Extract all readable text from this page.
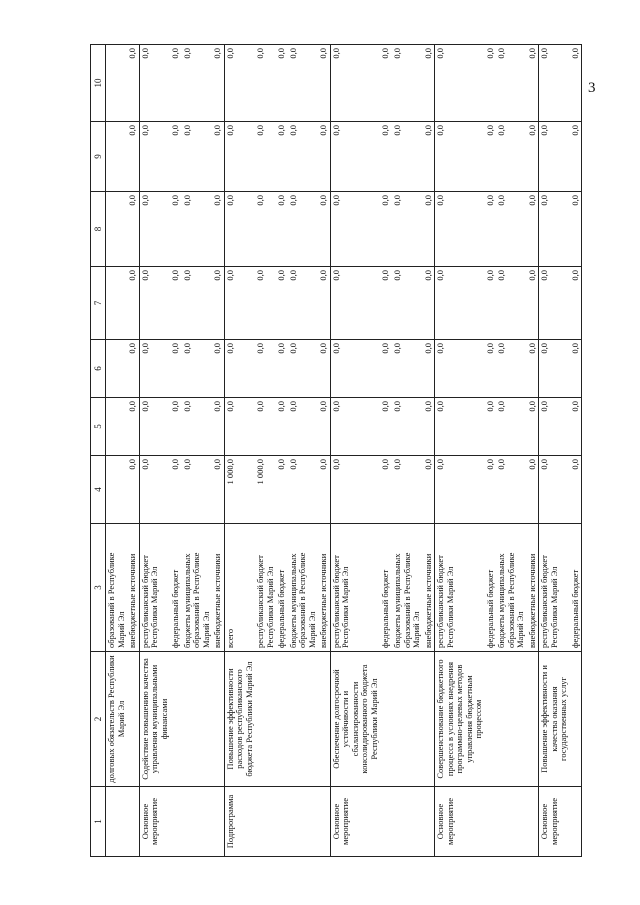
3
1	2	3	4	5	6	7	8	9	10
	долговых обязательств Республики Марий Эл	образований в Республике Марий Эл							
		внебюджетные источники	0,0	0,0	0,0	0,0	0,0	0,0	0,0
Основное мероприятие	Содействие повышению качества управления муниципальными финансами	республиканский бюджет Республики Марий Эл	0,0	0,0	0,0	0,0	0,0	0,0	0,0
		федеральный бюджет	0,0	0,0	0,0	0,0	0,0	0,0	0,0
		бюджеты муниципальных образований в Республике Марий Эл	0,0	0,0	0,0	0,0	0,0	0,0	0,0
		внебюджетные источники	0,0	0,0	0,0	0,0	0,0	0,0	0,0
Подпрограмма	Повышение эффективности расходов республиканского бюджета Республики Марий Эл	всего	1 000,0	0,0	0,0	0,0	0,0	0,0	0,0
		республиканский бюджет Республики Марий Эл	1 000,0	0,0	0,0	0,0	0,0	0,0	0,0
		федеральный бюджет	0,0	0,0	0,0	0,0	0,0	0,0	0,0
		бюджеты муниципальных образований в Республике Марий Эл	0,0	0,0	0,0	0,0	0,0	0,0	0,0
		внебюджетные источники	0,0	0,0	0,0	0,0	0,0	0,0	0,0
Основное мероприятие	Обеспечение долгосрочной устойчивости и сбалансированности консолидированного бюджета Республики Марий Эл	республиканский бюджет Республики Марий Эл	0,0	0,0	0,0	0,0	0,0	0,0	0,0
		федеральный бюджет	0,0	0,0	0,0	0,0	0,0	0,0	0,0
		бюджеты муниципальных образований в Республике Марий Эл	0,0	0,0	0,0	0,0	0,0	0,0	0,0
		внебюджетные источники	0,0	0,0	0,0	0,0	0,0	0,0	0,0
Основное мероприятие	Совершенствование бюджетного процесса в условиях внедрения программно-целевых методов управления бюджетным процессом	республиканский бюджет Республики Марий Эл	0,0	0,0	0,0	0,0	0,0	0,0	0,0
		федеральный бюджет	0,0	0,0	0,0	0,0	0,0	0,0	0,0
		бюджеты муниципальных образований в Республике Марий Эл	0,0	0,0	0,0	0,0	0,0	0,0	0,0
		внебюджетные источники	0,0	0,0	0,0	0,0	0,0	0,0	0,0
Основное мероприятие	Повышение эффективности и качества оказания государственных услуг	республиканский бюджет Республики Марий Эл	0,0	0,0	0,0	0,0	0,0	0,0	0,0
		федеральный бюджет	0,0	0,0	0,0	0,0	0,0	0,0	0,0
